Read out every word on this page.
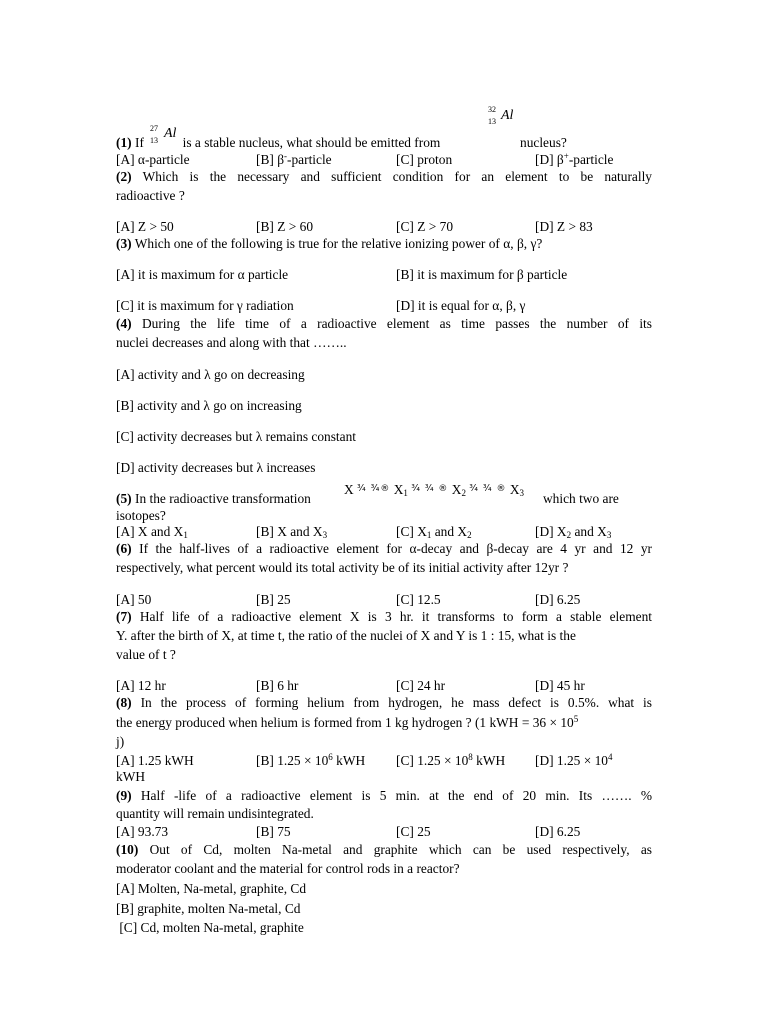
32
13 Al
(1) If	is a stable nucleus, what should be emitted from	nucleus?
27
13 Al
[A] α-particle	[B] β--particle	[C] proton	[D] β+-particle
(2) Which is the necessary and sufficient condition for an element to be naturally
radioactive ?
[A] Z > 50	[B] Z > 60	[C] Z > 70	[D] Z > 83
(3) Which one of the following is true for the relative ionizing power of α, β, γ?
[A] it is maximum for α particle	[B] it is maximum for β particle
[C] it is maximum for γ radiation	[D] it is equal for α, β, γ
(4) During the life time of a radioactive element as time passes the number of its
nuclei decreases and along with that ……..
[A] activity and λ go on decreasing
[B] activity and λ go on increasing
[C] activity decreases but λ remains constant
[D] activity decreases but λ increases
(5) In the radioactive transformation
X $^{\frac{3}{4} \frac{3}{4}®}$ $X_1$ $^{\frac{3}{4} \frac{3}{4} ®}$ $X_2$ $^{\frac{3}{4} \frac{3}{4} ®}$ $X_3$ which two are
isotopes?
[A] X and $X_1$	[B] X and $X_3$	[C] $X_1$ and $X_2$	[D] $X_2$ and $X_3$
(6) If the half-lives of a radioactive element for α-decay and β-decay are 4 yr and 12 yr
respectively, what percent would its total activity be of its initial activity after 12yr ?
[A] 50	[B] 25	[C] 12.5	[D] 6.25
(7) Half life of a radioactive element X is 3 hr. it transforms to form a stable element
Y. after the birth of X, at time t, the ratio of the nuclei of X and Y is 1 : 15, what is the
value of t ?
[A] 12 hr	[B] 6 hr	[C] 24 hr	[D] 45 hr
(8) In the process of forming helium from hydrogen, he mass defect is 0.5%. what is
the energy produced when helium is formed from 1 kg hydrogen ? (1 kWH = $36 \times 10^5$
j)
[A] 1.25 kWH	[B] $1.25 \times 10^6$ kWH [C] $1.25 \times 10^8$ kWH [D] $1.25 \times 10^4$
kWH
(9) Half -life of a radioactive element is 5 min. at the end of 20 min. Its ……. %
quantity will remain undisintegrated.
[A] 93.73	[B] 75	[C] 25	[D] 6.25
(10) Out of Cd, molten Na-metal and graphite which can be used respectively, as
moderator coolant and the material for control rods in a reactor?
[A] Molten, Na-metal, graphite, Cd
[B] graphite, molten Na-metal, Cd
[C] Cd, molten Na-metal, graphite
